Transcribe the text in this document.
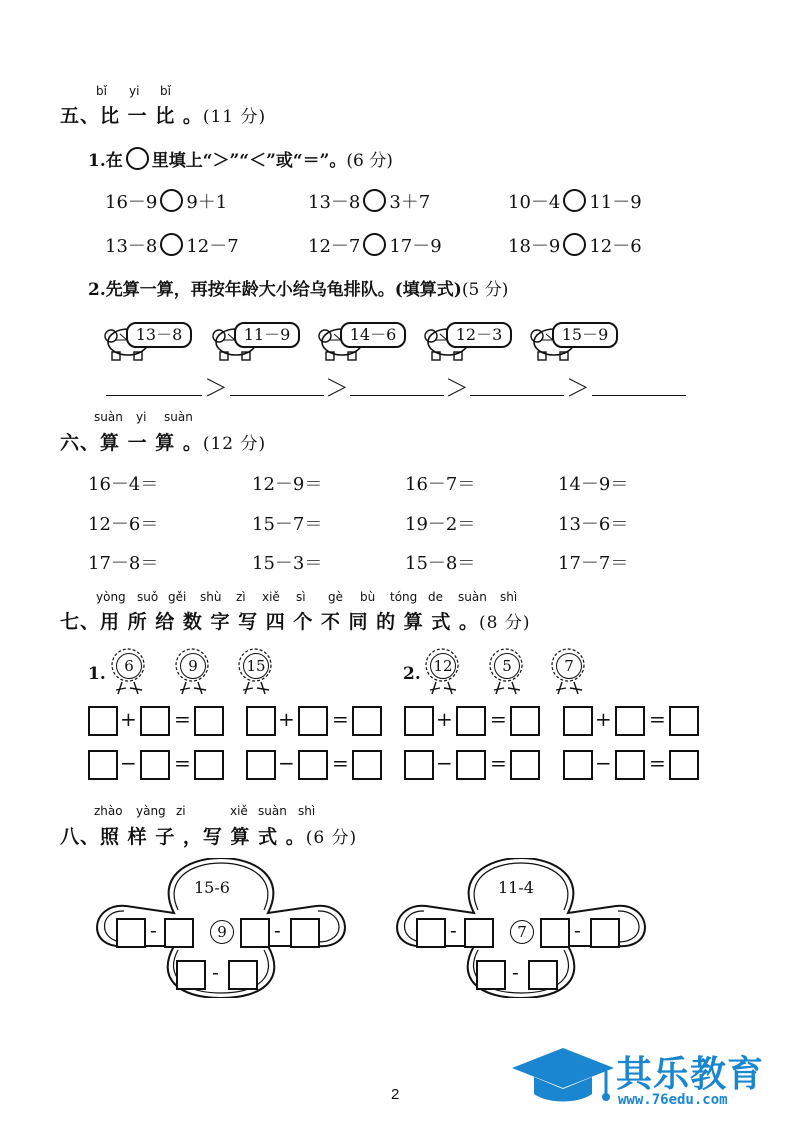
bǐ yi bǐ
五、比 一 比 。(11 分)
1.在 里填上“＞”“＜”或“＝”。(6 分)
16－9 9＋1	13－8 3＋7	10－4 11－9
13－8 12－7	12－7 17－9	18－9 12－6
2.先算一算，再按年龄大小给乌龟排队。(填算式)(5 分)
13－8	11－9	14－6	12－3	15－9
＞	＞	＞	＞
suàn yi suàn
六、算 一 算 。(12 分)
16－4＝	12－9＝	16－7＝	14－9＝
12－6＝	15－7＝	19－2＝	13－6＝
17－8＝	15－3＝	15－8＝	17－7＝
yòng suǒ gěi shù zì xiě sì gè bù tóng de suàn shì
七、用 所 给 数 字 写 四 个 不 同 的 算 式 。(8 分)
1.	2.
6	9	15	12	5	7
+ =	+ =	+ =	+ =
− =	− =	− =	− =
zhào yàng zi	xiě suàn shì
八、照 样 子 ，写 算 式 。(6 分)
15-6
-	9	-
-
11-4
-	7	-
-
2	其乐教育
www.76edu.com
